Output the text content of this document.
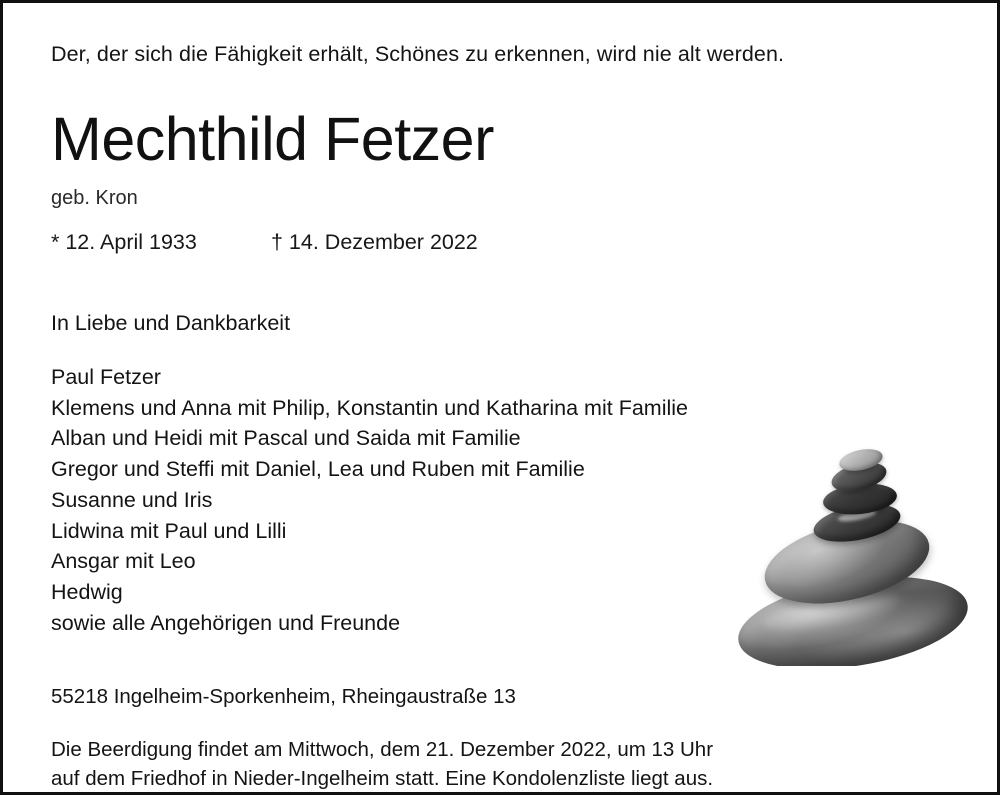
Der, der sich die Fähigkeit erhält, Schönes zu erkennen, wird nie alt werden.

Mechthild Fetzer

geb. Kron

* 12. April 1933	† 14. Dezember 2022

In Liebe und Dankbarkeit

Paul Fetzer
Klemens und Anna mit Philip, Konstantin und Katharina mit Familie
Alban und Heidi mit Pascal und Saida mit Familie
Gregor und Steffi mit Daniel, Lea und Ruben mit Familie
Susanne und Iris
Lidwina mit Paul und Lilli
Ansgar mit Leo
Hedwig
sowie alle Angehörigen und Freunde

55218 Ingelheim-Sporkenheim, Rheingaustraße 13

Die Beerdigung findet am Mittwoch, dem 21. Dezember 2022, um 13 Uhr
auf dem Friedhof in Nieder-Ingelheim statt. Eine Kondolenzliste liegt aus.
